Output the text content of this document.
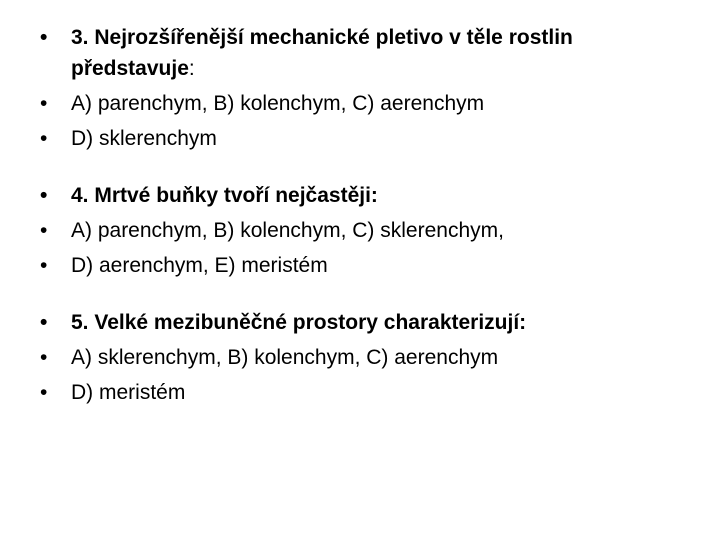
•	3. Nejrozšířenější mechanické pletivo v těle rostlin představuje:
•	A) parenchym, B) kolenchym, C) aerenchym
•	D) sklerenchym
•	4. Mrtvé buňky tvoří nejčastěji:
•	A) parenchym, B) kolenchym, C) sklerenchym,
•	D) aerenchym, E) meristém
•	5. Velké mezibuněčné prostory charakterizují:
•	A) sklerenchym, B) kolenchym, C) aerenchym
•	D) meristém
